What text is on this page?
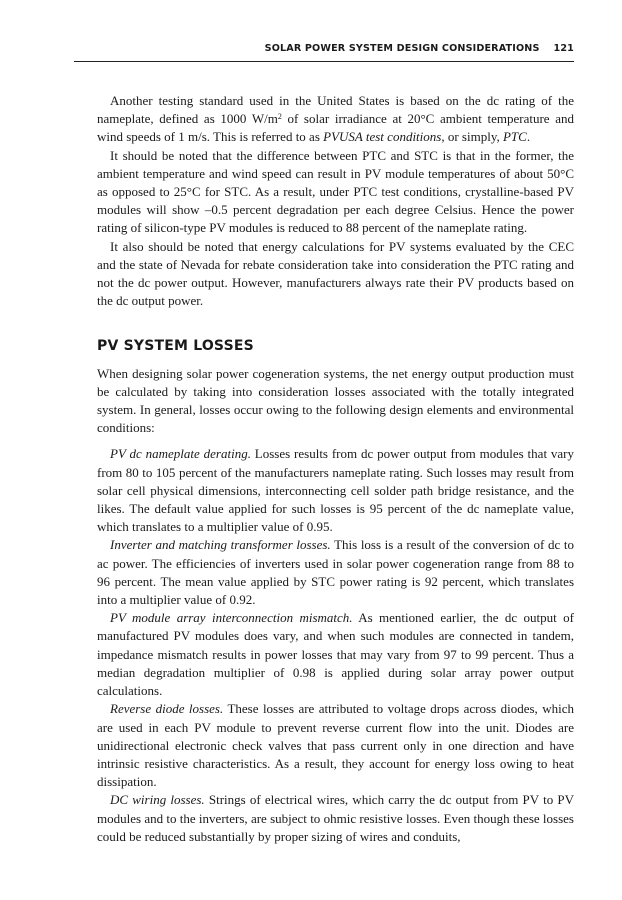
SOLAR POWER SYSTEM DESIGN CONSIDERATIONS 121

Another testing standard used in the United States is based on the dc rating of the nameplate, defined as 1000 $W/m^2$ of solar irradiance at 20°C ambient temperature and wind speeds of 1 m/s. This is referred to as PVUSA test conditions, or simply, PTC.

It should be noted that the difference between PTC and STC is that in the former, the ambient temperature and wind speed can result in PV module temperatures of about 50°C as opposed to 25°C for STC. As a result, under PTC test conditions, crystalline-based PV modules will show –0.5 percent degradation per each degree Celsius. Hence the power rating of silicon-type PV modules is reduced to 88 percent of the nameplate rating.

It also should be noted that energy calculations for PV systems evaluated by the CEC and the state of Nevada for rebate consideration take into consideration the PTC rating and not the dc power output. However, manufacturers always rate their PV products based on the dc output power.

PV SYSTEM LOSSES

When designing solar power cogeneration systems, the net energy output production must be calculated by taking into consideration losses associated with the totally integrated system. In general, losses occur owing to the following design elements and environmental conditions:

PV dc nameplate derating. Losses results from dc power output from modules that vary from 80 to 105 percent of the manufacturers nameplate rating. Such losses may result from solar cell physical dimensions, interconnecting cell solder path bridge resistance, and the likes. The default value applied for such losses is 95 percent of the dc nameplate value, which translates to a multiplier value of 0.95.

Inverter and matching transformer losses. This loss is a result of the conversion of dc to ac power. The efficiencies of inverters used in solar power cogeneration range from 88 to 96 percent. The mean value applied by STC power rating is 92 percent, which translates into a multiplier value of 0.92.

PV module array interconnection mismatch. As mentioned earlier, the dc output of manufactured PV modules does vary, and when such modules are connected in tandem, impedance mismatch results in power losses that may vary from 97 to 99 percent. Thus a median degradation multiplier of 0.98 is applied during solar array power output calculations.

Reverse diode losses. These losses are attributed to voltage drops across diodes, which are used in each PV module to prevent reverse current flow into the unit. Diodes are unidirectional electronic check valves that pass current only in one direction and have intrinsic resistive characteristics. As a result, they account for energy loss owing to heat dissipation.

DC wiring losses. Strings of electrical wires, which carry the dc output from PV to PV modules and to the inverters, are subject to ohmic resistive losses. Even though these losses could be reduced substantially by proper sizing of wires and conduits,
